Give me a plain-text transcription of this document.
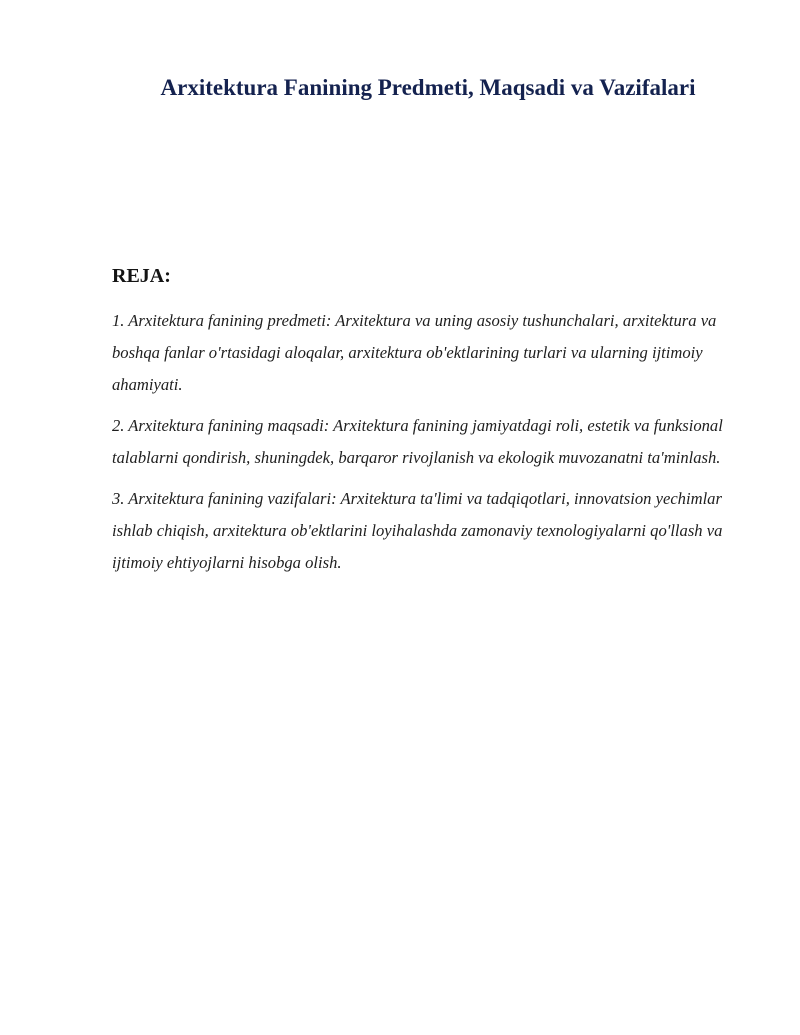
Arxitektura Fanining Predmeti, Maqsadi va Vazifalari
REJA:
1. Arxitektura fanining predmeti: Arxitektura va uning asosiy tushunchalari, arxitektura va boshqa fanlar o'rtasidagi aloqalar, arxitektura ob'ektlarining turlari va ularning ijtimoiy ahamiyati.
2. Arxitektura fanining maqsadi: Arxitektura fanining jamiyatdagi roli, estetik va funksional talablarni qondirish, shuningdek, barqaror rivojlanish va ekologik muvozanatni ta'minlash.
3. Arxitektura fanining vazifalari: Arxitektura ta'limi va tadqiqotlari, innovatsion yechimlar ishlab chiqish, arxitektura ob'ektlarini loyihalashda zamonaviy texnologiyalarni qo'llash va ijtimoiy ehtiyojlarni hisobga olish.
